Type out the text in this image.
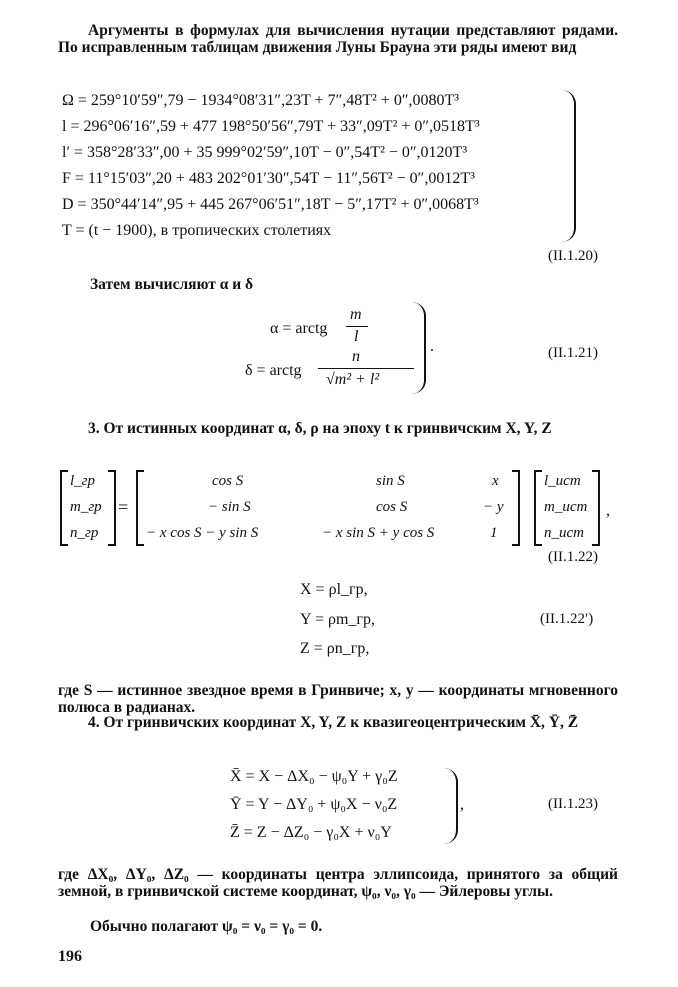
Аргументы в формулах для вычисления нутации представляют рядами. По исправленным таблицам движения Луны Брауна эти ряды имеют вид
Ω = 259°10′59″,79 − 1934°08′31″,23T + 7″,48T² + 0″,0080T³
l = 296°06′16″,59 + 477 198°50′56″,79T + 33″,09T² + 0″,0518T³
l′ = 358°28′33″,00 + 35 999°02′59″,10T − 0″,54T² − 0″,0120T³
F = 11°15′03″,20 + 483 202°01′30″,54T − 11″,56T² − 0″,0012T³
D = 350°44′14″,95 + 445 267°06′51″,18T − 5″,17T² + 0″,0068T³
T = (t − 1900), в тропических столетиях
(II.1.20)
Затем вычисляют α и δ
α = arctg
m
l
δ = arctg
n
√m² + l²
.	(II.1.21)
3. От истинных координат α, δ, ρ на эпоху t к гринвичским X, Y, Z
l_гр
m_гр
n_гр
=
cos S	sin S	x
− sin S	cos S	− y
− x cos S − y sin S	− x sin S + y cos S	1
l_ист
m_ист
n_ист
,
(II.1.22)
X = ρl_гр,
Y = ρm_гр,
Z = ρn_гр,
(II.1.22′)
где S — истинное звездное время в Гринвиче; x, y — координаты мгновенного полюса в радианах.
4. От гринвичских координат X, Y, Z к квазигеоцентрическим X̄, Ȳ, Z̄
X̄ = X − ΔX₀ − ψ₀Y + γ₀Z
Ȳ = Y − ΔY₀ + ψ₀X − ν₀Z
Z̄ = Z − ΔZ₀ − γ₀X + ν₀Y
,	(II.1.23)
где ΔX₀, ΔY₀, ΔZ₀ — координаты центра эллипсоида, принятого за общий земной, в гринвичской системе координат, ψ₀, ν₀, γ₀ — Эйлеровы углы.
Обычно полагают ψ₀ = ν₀ = γ₀ = 0.
196
